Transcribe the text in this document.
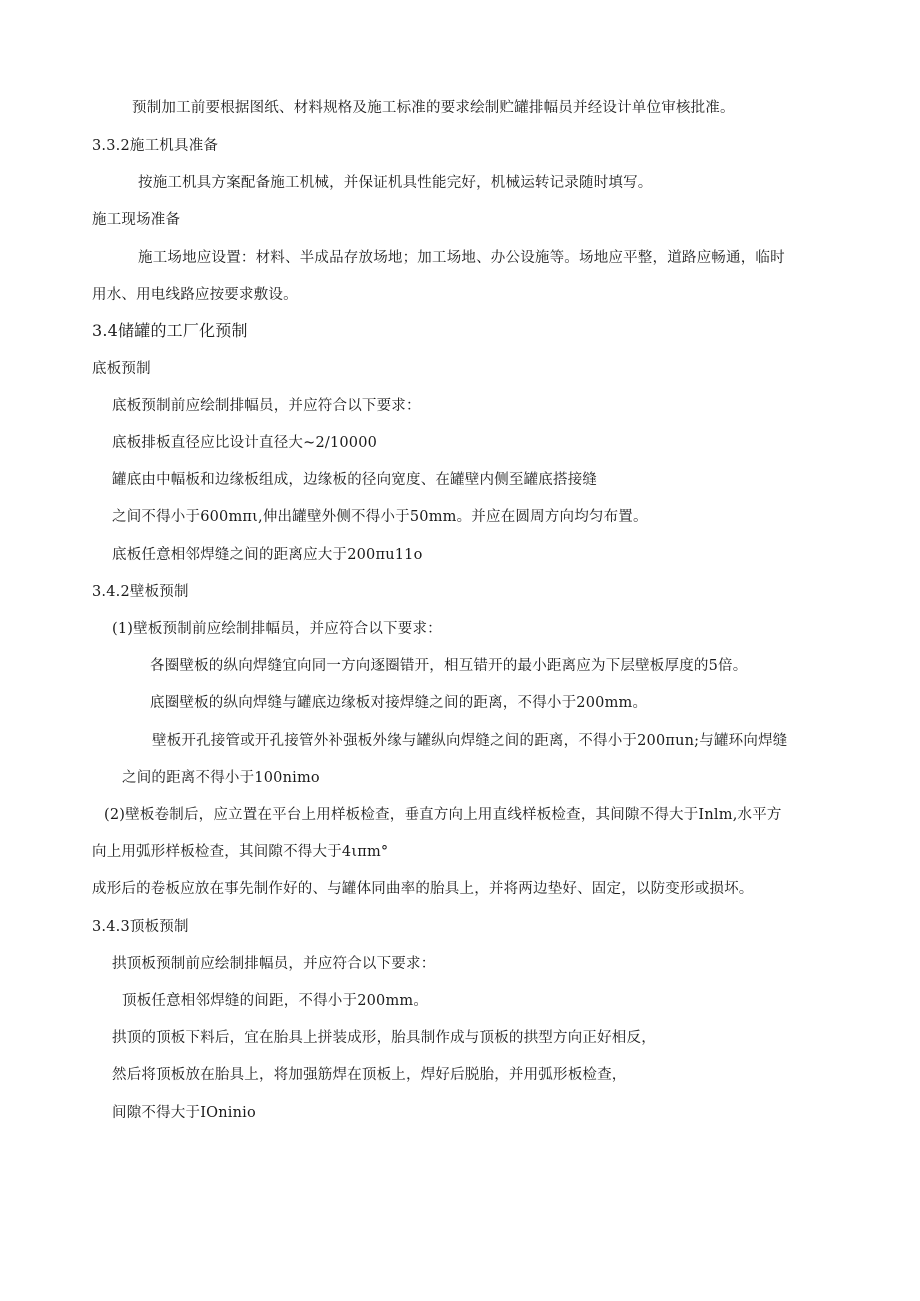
预制加工前要根据图纸、材料规格及施工标准的要求绘制贮罐排幅员并经设计单位审核批准。
3.3.2施工机具准备
按施工机具方案配备施工机械，并保证机具性能完好，机械运转记录随时填写。
施工现场准备
施工场地应设置：材料、半成品存放场地；加工场地、办公设施等。场地应平整，道路应畅通，临时
用水、用电线路应按要求敷设。
3.4储罐的工厂化预制
底板预制
底板预制前应绘制排幅员，并应符合以下要求：
底板排板直径应比设计直径大~2/10000
罐底由中幅板和边缘板组成，边缘板的径向宽度、在罐壁内侧至罐底搭接缝
之间不得小于600mπι,伸出罐壁外侧不得小于50mm。并应在圆周方向均匀布置。
底板任意相邻焊缝之间的距离应大于200πu11o
3.4.2壁板预制
(1)壁板预制前应绘制排幅员，并应符合以下要求：
各圈壁板的纵向焊缝宜向同一方向逐圈错开，相互错开的最小距离应为下层壁板厚度的5倍。
底圈壁板的纵向焊缝与罐底边缘板对接焊缝之间的距离，不得小于200mm。
壁板开孔接管或开孔接管外补强板外缘与罐纵向焊缝之间的距离，不得小于200πun;与罐环向焊缝
之间的距离不得小于100nimo
(2)壁板卷制后，应立置在平台上用样板检查，垂直方向上用直线样板检查，其间隙不得大于Inlm,水平方
向上用弧形样板检查，其间隙不得大于4ιπm°
成形后的卷板应放在事先制作好的、与罐体同曲率的胎具上，并将两边垫好、固定，以防变形或损坏。
3.4.3顶板预制
拱顶板预制前应绘制排幅员，并应符合以下要求：
顶板任意相邻焊缝的间距，不得小于200mm。
拱顶的顶板下料后，宜在胎具上拼装成形，胎具制作成与顶板的拱型方向正好相反，
然后将顶板放在胎具上，将加强筋焊在顶板上，焊好后脱胎，并用弧形板检查，
间隙不得大于IOninio
